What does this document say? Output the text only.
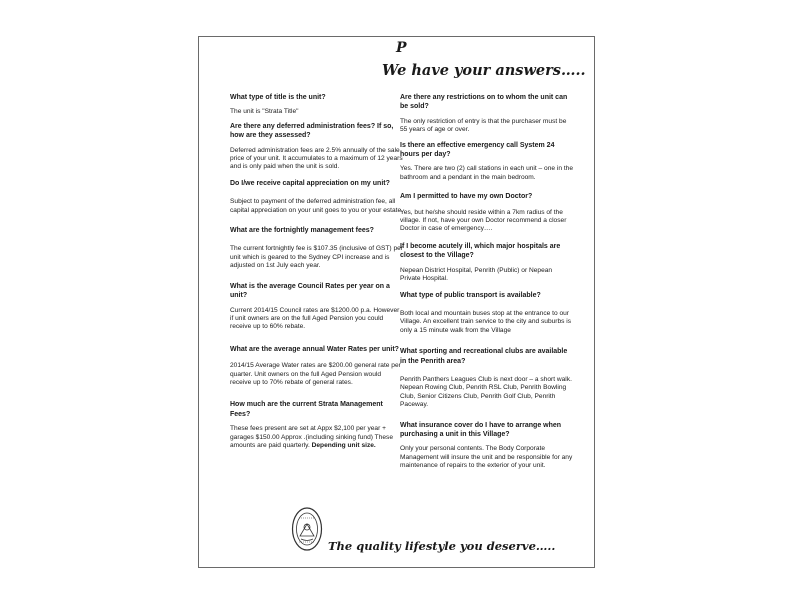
P
We have your answers…..

What type of title is the unit?

The unit is "Strata Title"

Are there any deferred administration fees? If so, how are they assessed?

Deferred administration fees are 2.5% annually of the sale price of your unit. It accumulates to a maximum of 12 years and is only paid when the unit is sold.

Do I/we receive capital appreciation on my unit?

Subject to payment of the deferred administration fee, all capital appreciation on your unit goes to you or your estate.

What are the fortnightly management fees?

The current fortnightly fee is $107.35 (inclusive of GST) per unit which is geared to the Sydney CPI increase and is adjusted on 1st July each year.

What is the average Council Rates per year on a unit?

Current 2014/15 Council rates are $1200.00 p.a. However if unit owners are on the full Aged Pension you could receive up to 60% rebate.

What are the average annual Water Rates per unit?

2014/15 Average Water rates are $200.00 general rate per quarter. Unit owners on the full Aged Pension would receive up to 70% rebate of general rates.

How much are the current Strata Management Fees?

These fees present are set at Appx $2,100 per year + garages $150.00 Approx .(including sinking fund) These amounts are paid quarterly. Depending unit size.

Are there any restrictions on to whom the unit can be sold?

The only restriction of entry is that the purchaser must be 55 years of age or over.

Is there an effective emergency call System 24 hours per day?

Yes. There are two (2) call stations in each unit – one in the bathroom and a pendant in the main bedroom.

Am I permitted to have my own Doctor?

Yes, but he/she should reside within a 7km radius of the village. If not, have your own Doctor recommend a closer Doctor in case of emergency….

If I become acutely ill, which major hospitals are closest to the Village?

Nepean District Hospital, Penrith (Public) or Nepean Private Hospital.

What type of public transport is available?

Both local and mountain buses stop at the entrance to our Village. An excellent train service to the city and suburbs is only a 15 minute walk from the Village

What sporting and recreational clubs are available in the Penrith area?

Penrith Panthers Leagues Club is next door – a short walk. Nepean Rowing Club, Penrith RSL Club, Penrith Bowling Club, Senior Citizens Club, Penrith Golf Club, Penrith Paceway.

What insurance cover do I have to arrange when purchasing a unit in this Village?

Only your personal contents. The Body Corporate Management will insure the unit and be responsible for any maintenance of repairs to the exterior of your unit.

The quality lifestyle you deserve…..
